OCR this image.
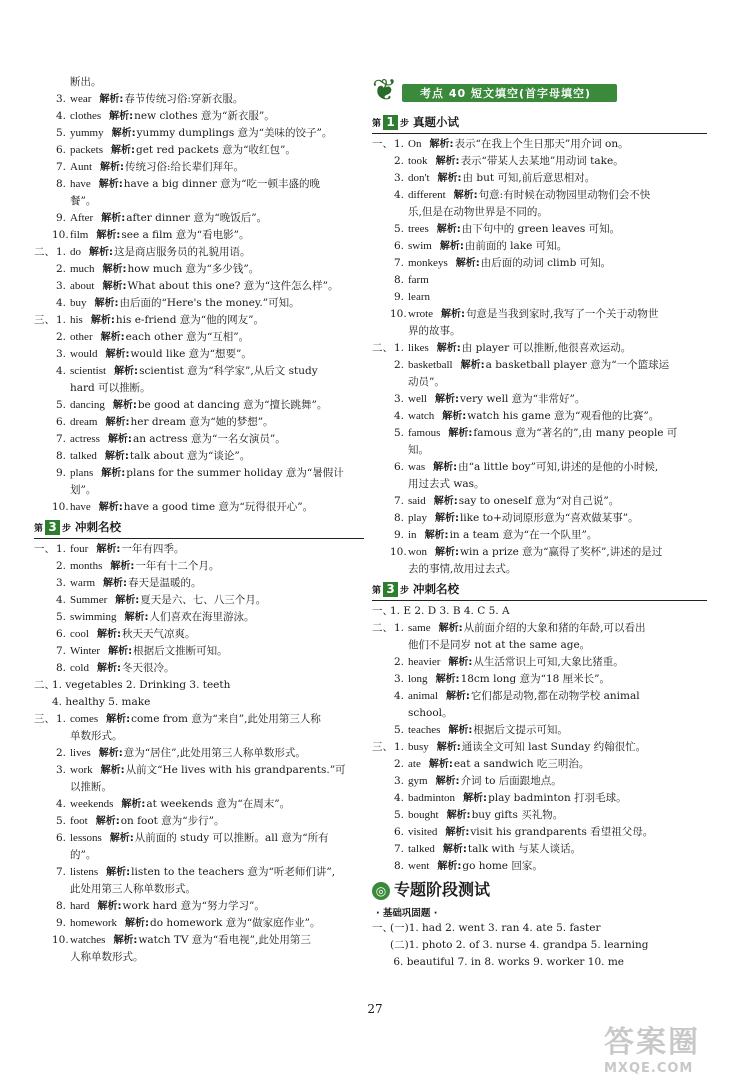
断出。
3. wear 解析:春节传统习俗:穿新衣服。
4. clothes 解析:new clothes 意为“新衣服”。
5. yummy 解析:yummy dumplings 意为“美味的饺子”。
6. packets 解析:get red packets 意为“收红包”。
7. Aunt 解析:传统习俗:给长辈们拜年。
8. have 解析:have a big dinner 意为“吃一顿丰盛的晚
餐”。
9. After 解析:after dinner 意为“晚饭后”。
10.film 解析:see a film 意为“看电影”。
二、1. do 解析:这是商店服务员的礼貌用语。
2. much 解析:how much 意为“多少钱”。
3. about 解析:What about this one? 意为“这件怎么样”。
4. buy 解析:由后面的“Here's the money.”可知。
三、1. his 解析:his e-friend 意为“他的网友”。
2. other 解析:each other 意为“互相”。
3. would 解析:would like 意为“想要”。
4. scientist 解析:scientist 意为“科学家”,从后文 study
hard 可以推断。
5. dancing 解析:be good at dancing 意为“擅长跳舞”。
6. dream 解析:her dream 意为“她的梦想”。
7. actress 解析:an actress 意为“一名女演员”。
8. talked 解析:talk about 意为“谈论”。
9. plans 解析:plans for the summer holiday 意为“暑假计
划”。
10.have 解析:have a good time 意为“玩得很开心”。
第 3 步 冲刺名校
一、1. four 解析:一年有四季。
2. months 解析:一年有十二个月。
3. warm 解析:春天是温暖的。
4. Summer 解析:夏天是六、七、八三个月。
5. swimming 解析:人们喜欢在海里游泳。
6. cool 解析:秋天天气凉爽。
7. Winter 解析:根据后文推断可知。
8. cold 解析:冬天很冷。
二、1. vegetables 2. Drinking 3. teeth
4. healthy 5. make
三、1. comes 解析:come from 意为“来自”,此处用第三人称
单数形式。
2. lives 解析:意为“居住”,此处用第三人称单数形式。
3. work 解析:从前文“He lives with his grandparents.”可
以推断。
4. weekends 解析:at weekends 意为“在周末”。
5. foot 解析:on foot 意为“步行”。
6. lessons 解析:从前面的 study 可以推断。all 意为“所有
的”。
7. listens 解析:listen to the teachers 意为“听老师们讲”,
此处用第三人称单数形式。
8. hard 解析:work hard 意为“努力学习”。
9. homework 解析:do homework 意为“做家庭作业”。
10.watches 解析:watch TV 意为“看电视”,此处用第三
人称单数形式。
❦ 考点 40 短文填空(首字母填空)
第 1 步 真题小试
一、1. On 解析:表示“在我上个生日那天”用介词 on。
2. took 解析:表示“带某人去某地”用动词 take。
3. don't 解析:由 but 可知,前后意思相对。
4. different 解析:句意:有时候在动物园里动物们会不快
乐,但是在动物世界是不同的。
5. trees 解析:由下句中的 green leaves 可知。
6. swim 解析:由前面的 lake 可知。
7. monkeys 解析:由后面的动词 climb 可知。
8. farm
9. learn
10.wrote 解析:句意是当我到家时,我写了一个关于动物世
界的故事。
二、1. likes 解析:由 player 可以推断,他很喜欢运动。
2. basketball 解析:a basketball player 意为“一个篮球运
动员”。
3. well 解析:very well 意为“非常好”。
4. watch 解析:watch his game 意为“观看他的比赛”。
5. famous 解析:famous 意为“著名的”,由 many people 可
知。
6. was 解析:由“a little boy”可知,讲述的是他的小时候,
用过去式 was。
7. said 解析:say to oneself 意为“对自己说”。
8. play 解析:like to+动词原形意为“喜欢做某事”。
9. in 解析:in a team 意为“在一个队里”。
10.won 解析:win a prize 意为“赢得了奖杯”,讲述的是过
去的事情,故用过去式。
第 3 步 冲刺名校
一、1. E 2. D 3. B 4. C 5. A
二、1. same 解析:从前面介绍的大象和猪的年龄,可以看出
他们不是同岁 not at the same age。
2. heavier 解析:从生活常识上可知,大象比猪重。
3. long 解析:18cm long 意为“18 厘米长”。
4. animal 解析:它们都是动物,都在动物学校 animal
school。
5. teaches 解析:根据后文提示可知。
三、1. busy 解析:通读全文可知 last Sunday 约翰很忙。
2. ate 解析:eat a sandwich 吃三明治。
3. gym 解析:介词 to 后面跟地点。
4. badminton 解析:play badminton 打羽毛球。
5. bought 解析:buy gifts 买礼物。
6. visited 解析:visit his grandparents 看望祖父母。
7. talked 解析:talk with 与某人谈话。
8. went 解析:go home 回家。
◎ 专题阶段测试
· 基础巩固题 ·
一、(一)1. had 2. went 3. ran 4. ate 5. faster
(二)1. photo 2. of 3. nurse 4. grandpa 5. learning
6. beautiful 7. in 8. works 9. worker 10. me
27
答案圈
MXQE.COM
